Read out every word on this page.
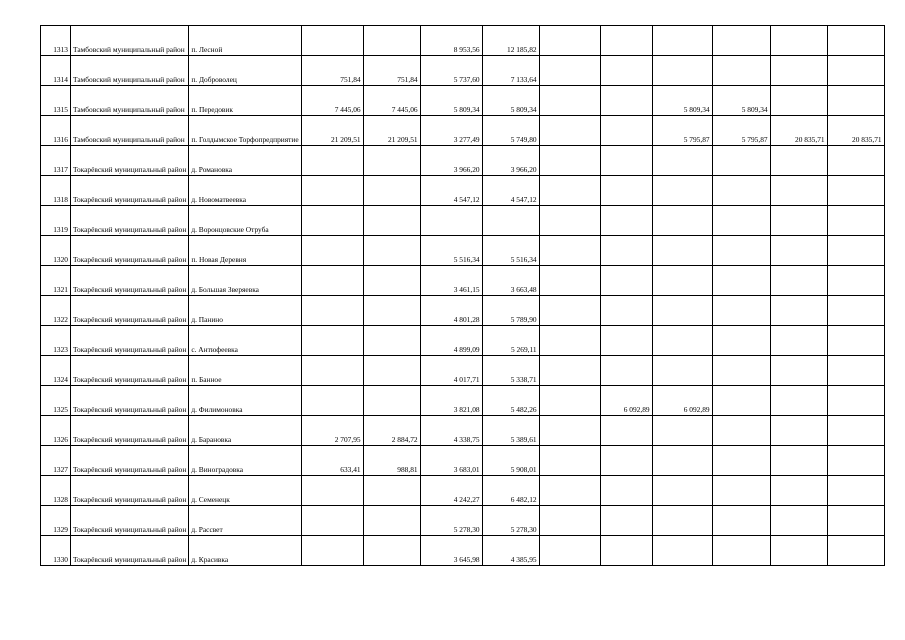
1313	Тамбовский муниципальный район	п. Лесной			8 953,56	12 185,82						
1314	Тамбовский муниципальный район	п. Доброволец	751,84	751,84	5 737,60	7 133,64						
1315	Тамбовский муниципальный район	п. Передовик	7 445,06	7 445,06	5 809,34	5 809,34			5 809,34	5 809,34		
1316	Тамбовский муниципальный район	п. Голдымское Торфопредприятие	21 209,51	21 209,51	3 277,49	5 749,80			5 795,87	5 795,87	20 835,71	20 835,71
1317	Токарёвский муниципальный район	д. Романовка			3 966,20	3 966,20						
1318	Токарёвский муниципальный район	д. Новоматвеевка			4 547,12	4 547,12						
1319	Токарёвский муниципальный район	д. Воронцовские Отруба										
1320	Токарёвский муниципальный район	п. Новая Деревня			5 516,34	5 516,34						
1321	Токарёвский муниципальный район	д. Большая Зверяевка			3 461,15	3 663,48						
1322	Токарёвский муниципальный район	д. Панино			4 801,28	5 789,90						
1323	Токарёвский муниципальный район	с. Антюфеевка			4 899,09	5 269,11						
1324	Токарёвский муниципальный район	п. Банное			4 017,71	5 338,71						
1325	Токарёвский муниципальный район	д. Филимоновка			3 821,08	5 482,26		6 092,89	6 092,89			
1326	Токарёвский муниципальный район	д. Барановка	2 707,95	2 884,72	4 338,75	5 389,61						
1327	Токарёвский муниципальный район	д. Виноградовка	633,41	988,81	3 683,01	5 908,01						
1328	Токарёвский муниципальный район	д. Семенецк			4 242,27	6 482,12						
1329	Токарёвский муниципальный район	д. Рассвет			5 278,30	5 278,30						
1330	Токарёвский муниципальный район	д. Красивка			3 645,98	4 385,95						
